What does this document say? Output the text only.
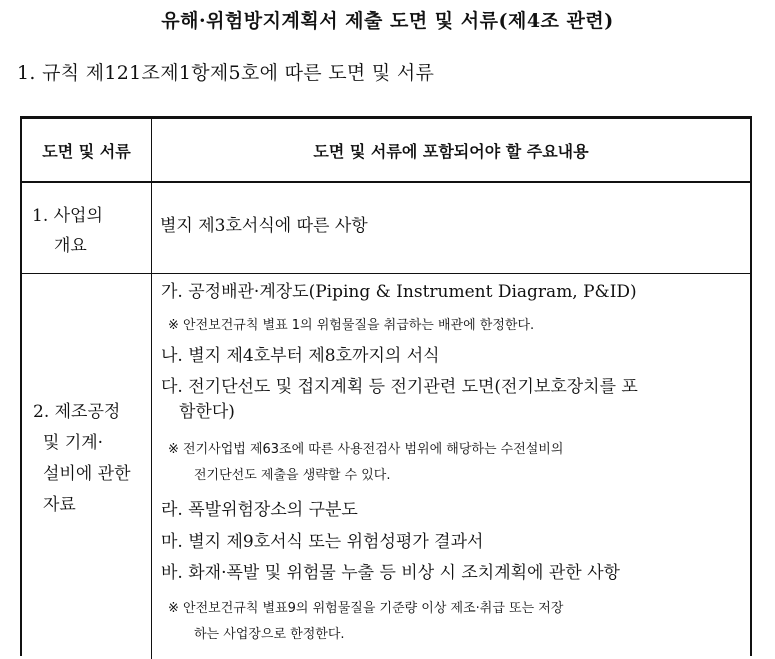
유해·위험방지계획서 제출 도면 및 서류(제4조 관련)
1. 규칙 제121조제1항제5호에 따른 도면 및 서류
도면 및 서류	도면 및 서류에 포함되어야 할 주요내용
1. 사업의
개요
별지 제3호서식에 따른 사항
2. 제조공정
및 기계·
설비에 관한
자료
가. 공정배관·계장도(Piping & Instrument Diagram, P&ID)
※ 안전보건규칙 별표 1의 위험물질을 취급하는 배관에 한정한다.
나. 별지 제4호부터 제8호까지의 서식
다. 전기단선도 및 접지계획 등 전기관련 도면(전기보호장치를 포
함한다)
※ 전기사업법 제63조에 따른 사용전검사 범위에 해당하는 수전설비의
전기단선도 제출을 생략할 수 있다.
라. 폭발위험장소의 구분도
마. 별지 제9호서식 또는 위험성평가 결과서
바. 화재·폭발 및 위험물 누출 등 비상 시 조치계획에 관한 사항
※ 안전보건규칙 별표9의 위험물질을 기준량 이상 제조·취급 또는 저장
하는 사업장으로 한정한다.
